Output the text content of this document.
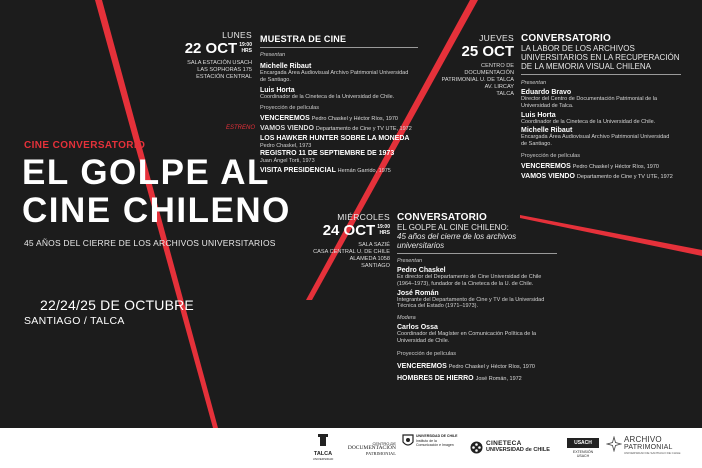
CINE CONVERSATORIO
EL GOLPE AL
CINE CHILENO
45 AÑOS DEL CIERRE DE LOS ARCHIVOS UNIVERSITARIOS
22/24/25 DE OCTUBRE
SANTIAGO / TALCA
LUNES
22 OCT 19:00
HRS
SALA ESTACIÓN USACH
LAS SOPHORAS 175
ESTACIÓN CENTRAL
MUESTRA DE CINE
Presentan
Michelle Ribaut
Encargada Área Audiovisual Archivo Patrimonial Universidad
de Santiago.
Luis Horta
Coordinador de la Cineteca de la Universidad de Chile.
Proyección de películas
VENCEREMOS Pedro Chaskel y Héctor Ríos, 1970
ESTRENO VAMOS VIENDO Departamento de Cine y TV UTE, 1972
LOS HAWKER HUNTER SOBRE LA MONEDA
Pedro Chaskel, 1973
REGISTRO 11 DE SEPTIEMBRE DE 1973
Juan Ángel Torti, 1973
VISITA PRESIDENCIAL Hernán Garrido, 1975
JUEVES
25 OCT
CENTRO DE
DOCUMENTACIÓN
PATRIMONIAL U. DE TALCA
AV. LIRCAY
TALCA
CONVERSATORIO
LA LABOR DE LOS ARCHIVOS
UNIVERSITARIOS EN LA RECUPERACIÓN
DE LA MEMORIA VISUAL CHILENA
Presentan
Eduardo Bravo
Director del Centro de Documentación Patrimonial de la
Universidad de Talca.
Luis Horta
Coordinador de la Cineteca de la Universidad de Chile.
Michelle Ribaut
Encargada Área Audiovisual Archivo Patrimonial Universidad
de Santiago.
Proyección de películas
VENCEREMOS Pedro Chaskel y Héctor Ríos, 1970
VAMOS VIENDO Departamento de Cine y TV UTE, 1972
MIÉRCOLES
24 OCT 19:00
HRS
SALA SAZIÉ
CASA CENTRAL U. DE CHILE
ALAMEDA 1058
SANTIAGO
CONVERSATORIO
EL GOLPE AL CINE CHILENO:
45 años del cierre de los archivos
universitarios
Presentan
Pedro Chaskel
Ex director del Departamento de Cine Universidad de Chile
(1964–1973), fundador de la Cineteca de la U. de Chile.
José Román
Integrante del Departamento de Cine y TV de la Universidad
Técnica del Estado (1971–1973).
Modera
Carlos Ossa
Coordinador del Magíster en Comunicación Política de la
Universidad de Chile.
Proyección de películas
VENCEREMOS Pedro Chaskel y Héctor Ríos, 1970
HOMBRES DE HIERRO José Román, 1972
TALCA
UNIVERSIDAD
CENTRO DE
DOCUMENTACIÓN
PATRIMONIAL
UNIVERSIDAD DE CHILE
Instituto de la
Comunicación e Imagen	CINETECA
UNIVERSIDAD de CHILE
USACH
EXTENSIÓN USACH
ARCHIVO
PATRIMONIAL
UNIVERSIDAD DE SANTIAGO DE CHILE
